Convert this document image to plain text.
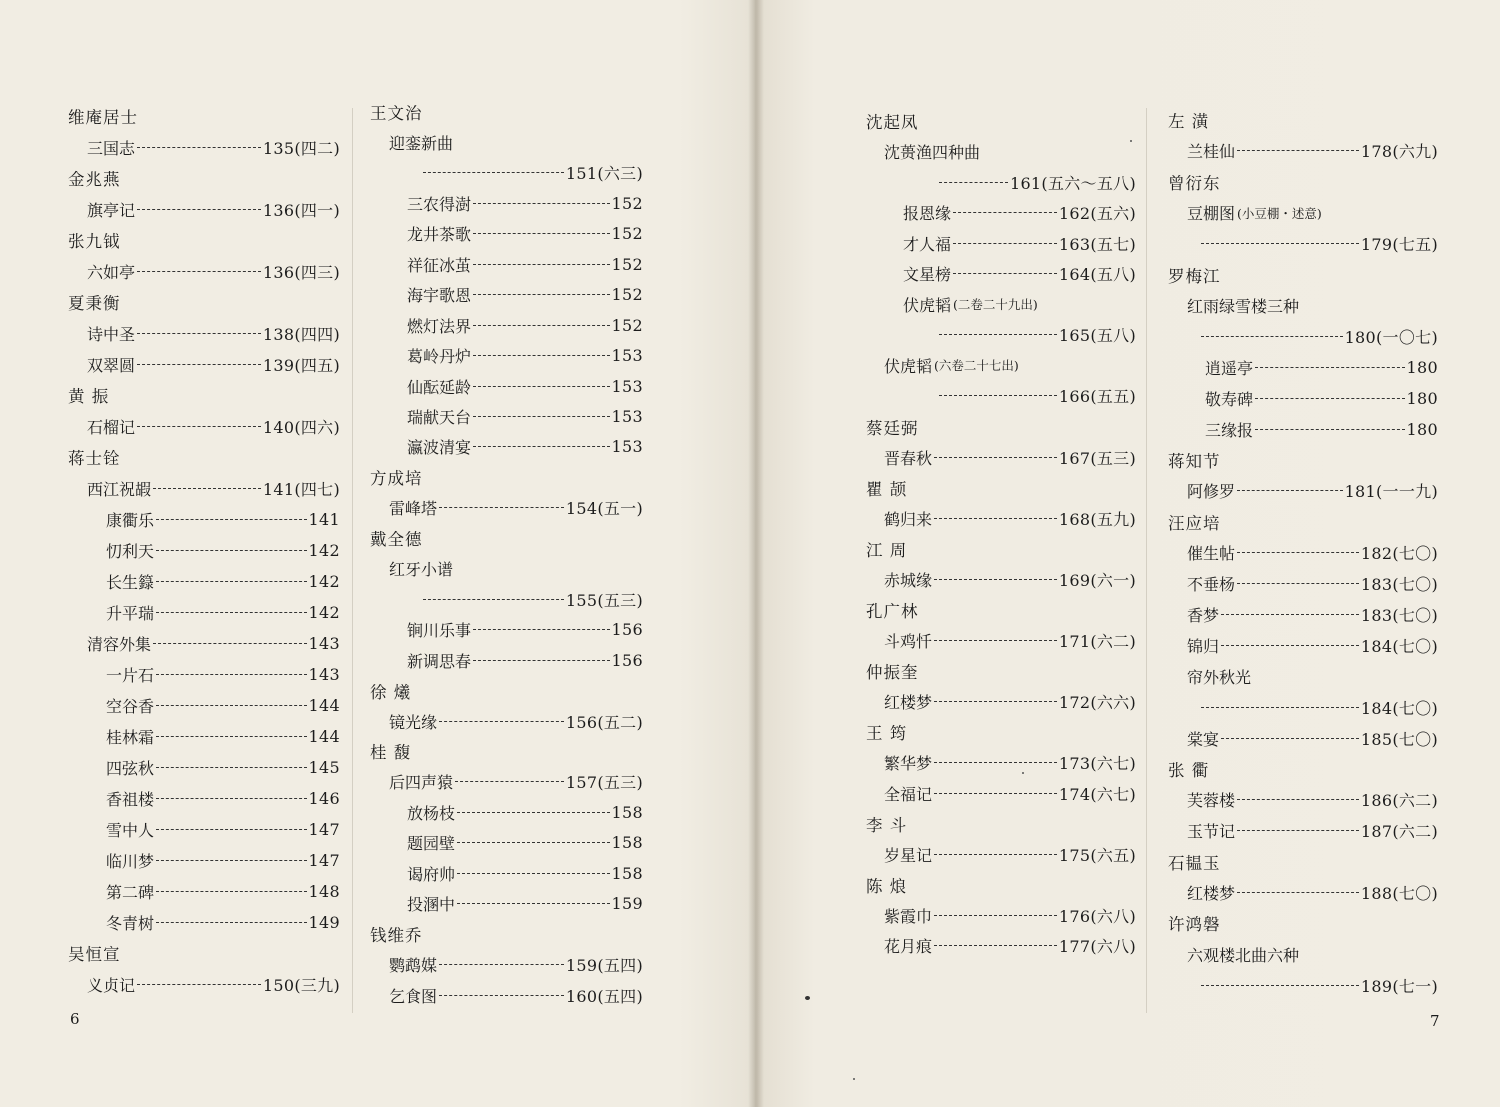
维庵居士
三国志	135(四二)
金兆燕
旗亭记	136(四一)
张九钺
六如亭	136(四三)
夏秉衡
诗中圣	138(四四)
双翠圆	139(四五)
黄 振
石榴记	140(四六)
蒋士铨
西江祝嘏	141(四七)
康衢乐	141
忉利天	142
长生籙	142
升平瑞	142
清容外集	143
一片石	143
空谷香	144
桂林霜	144
四弦秋	145
香祖楼	146
雪中人	147
临川梦	147
第二碑	148
冬青树	149
吴恒宣
义贞记	150(三九)
王文治
迎銮新曲
151(六三)
三农得澍	152
龙井茶歌	152
祥征冰茧	152
海宇歌恩	152
燃灯法界	152
葛岭丹炉	153
仙酝延龄	153
瑞献天台	153
瀛波清宴	153
方成培
雷峰塔	154(五一)
戴全德
红牙小谱
155(五三)
锏川乐事	156
新调思春	156
徐 爔
镜光缘	156(五二)
桂 馥
后四声猿	157(五三)
放杨枝	158
题园壁	158
谒府帅	158
投溷中	159
钱维乔
鹦鹉媒	159(五四)
乞食图	160(五四)
沈起凤
沈蒉渔四种曲
161(五六～五八)
报恩缘	162(五六)
才人福	163(五七)
文星榜	164(五八)
伏虎韬 (二卷二十九出)
165(五八)
伏虎韬 (六卷二十七出)
166(五五)
蔡廷弼
晋春秋	167(五三)
瞿 颉
鹤归来	168(五九)
江 周
赤城缘	169(六一)
孔广林
斗鸡忏	171(六二)
仲振奎
红楼梦	172(六六)
王 筠
繁华梦	173(六七)
全福记	174(六七)
李 斗
岁星记	175(六五)
陈 烺
紫霞巾	176(六八)
花月痕	177(六八)
左 潢
兰桂仙	178(六九)
曾衍东
豆棚图 (小豆棚・述意)
179(七五)
罗梅江
红雨绿雪楼三种
180(一〇七)
逍遥亭	180
敬寿碑	180
三缘报	180
蒋知节
阿修罗	181(一一九)
汪应培
催生帖	182(七〇)
不垂杨	183(七〇)
香梦	183(七〇)
锦归	184(七〇)
帘外秋光
184(七〇)
棠宴	185(七〇)
张 衢
芙蓉楼	186(六二)
玉节记	187(六二)
石韫玉
红楼梦	188(七〇)
许鸿磐
六观楼北曲六种
189(七一)
6	7
